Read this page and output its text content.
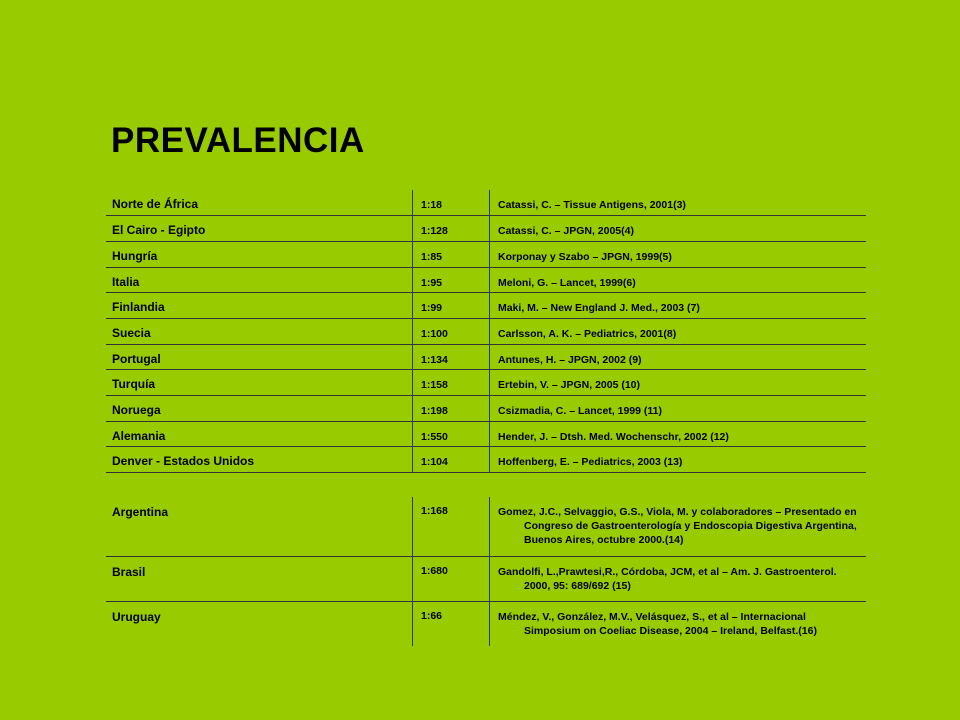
PREVALENCIA
Norte de África	1:18	Catassi, C. – Tissue Antigens, 2001(3)

El Cairo - Egipto	1:128	Catassi, C. – JPGN, 2005(4)

Hungría	1:85	Korponay y Szabo – JPGN, 1999(5)

Italia	1:95	Meloni, G. – Lancet, 1999(6)

Finlandia	1:99	Maki, M. – New England J. Med., 2003 (7)

Suecia	1:100	Carlsson, A. K. – Pediatrics, 2001(8)

Portugal	1:134	Antunes, H. – JPGN, 2002 (9)

Turquía	1:158	Ertebin, V. – JPGN, 2005 (10)

Noruega	1:198	Csizmadia, C. – Lancet, 1999 (11)

Alemania	1:550	Hender, J. – Dtsh. Med. Wochenschr, 2002 (12)

Denver - Estados Unidos	1:104	Hoffenberg, E. – Pediatrics, 2003 (13)
Argentina	1:168	Gomez, J.C., Selvaggio, G.S., Viola, M. y colaboradores – Presentado en Congreso de Gastroenterología y Endoscopia Digestiva Argentina, Buenos Aires, octubre 2000.(14)

Brasil	1:680	Gandolfi, L.,Prawtesi,R., Córdoba, JCM, et al – Am. J. Gastroenterol. 2000, 95: 689/692 (15)

Uruguay	1:66	Méndez, V., González, M.V., Velásquez, S., et al – Internacional Simposium on Coeliac Disease, 2004 – Ireland, Belfast.(16)
